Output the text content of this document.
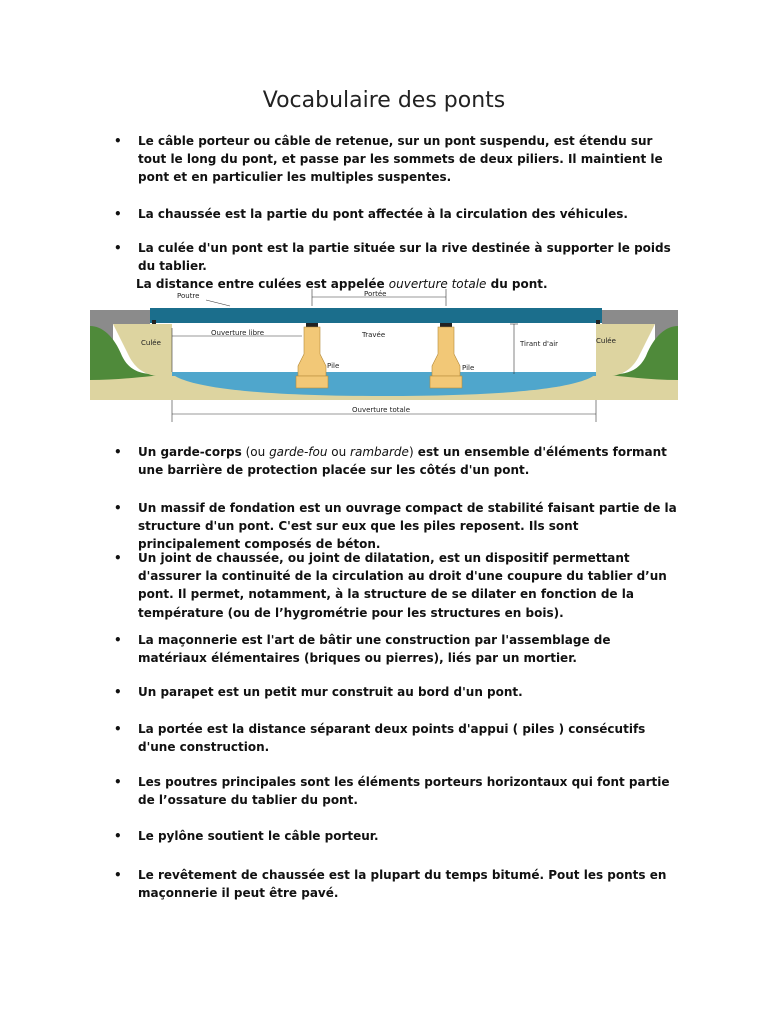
Vocabulaire des ponts
• Le câble porteur ou câble de retenue, sur un pont suspendu, est étendu sur tout le long du pont, et passe par les sommets de deux piliers. Il maintient le pont et en particulier les multiples suspentes.
• La chaussée est la partie du pont affectée à la circulation des véhicules.
• La culée d'un pont est la partie située sur la rive destinée à supporter le poids du tablier.
La distance entre culées est appelée ouverture totale du pont.
Poutre	Portée
Culée	Culée
Ouverture libre	Travée
Tirant d'air
Pile	Pile
Ouverture totale
• Un garde-corps (ou garde-fou ou rambarde) est un ensemble d'éléments formant une barrière de protection placée sur les côtés d'un pont.
• Un massif de fondation est un ouvrage compact de stabilité faisant partie de la structure d'un pont. C'est sur eux que les piles reposent. Ils sont principalement composés de béton.
• Un joint de chaussée, ou joint de dilatation, est un dispositif permettant d'assurer la continuité de la circulation au droit d'une coupure du tablier d’un pont. Il permet, notamment, à la structure de se dilater en fonction de la température (ou de l’hygrométrie pour les structures en bois).
• La maçonnerie est l'art de bâtir une construction par l'assemblage de matériaux élémentaires (briques ou pierres), liés par un mortier.
• Un parapet est un petit mur construit au bord d'un pont.
• La portée est la distance séparant deux points d'appui ( piles ) consécutifs d'une construction.
• Les poutres principales sont les éléments porteurs horizontaux qui font partie de l’ossature du tablier du pont.
• Le pylône soutient le câble porteur.
• Le revêtement de chaussée est la plupart du temps bitumé. Pout les ponts en maçonnerie il peut être pavé.
